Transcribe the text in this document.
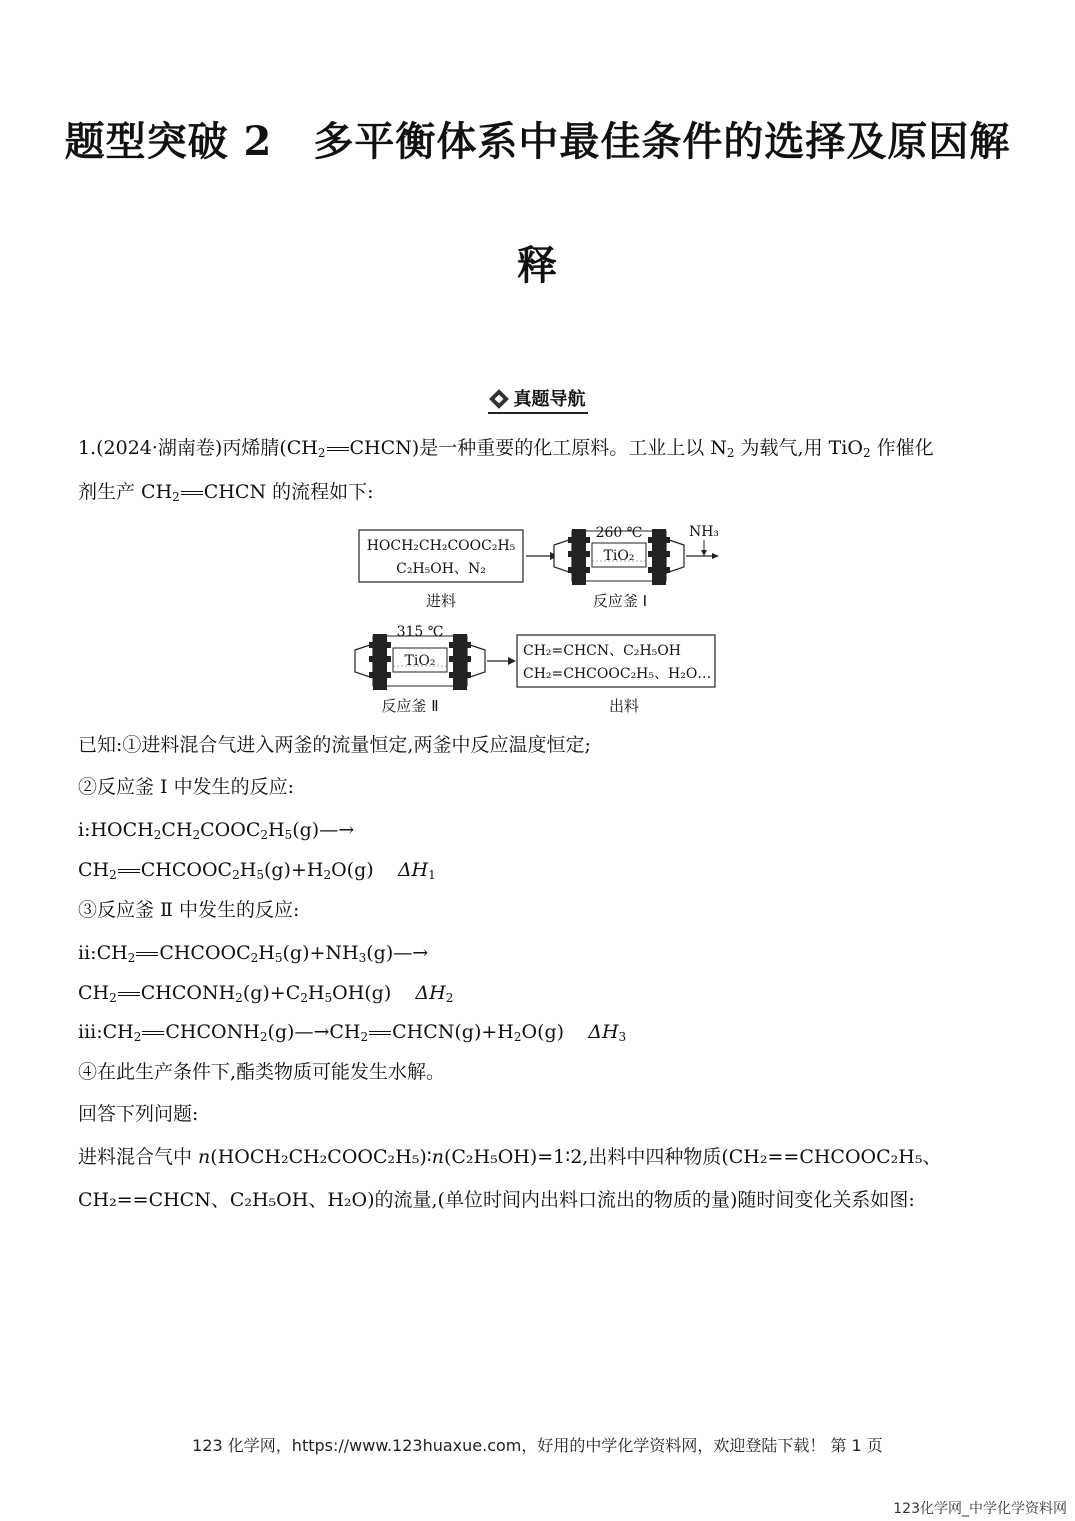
题型突破 2　多平衡体系中最佳条件的选择及原因解
释
真题导航
1.(2024·湖南卷)丙烯腈($CH_2$ CHCN)是一种重要的化工原料。工业上以 $N_2$ 为载气,用 TiO$_2$ 作催化
剂生产 $CH_2$ CHCN 的流程如下:
HOCH₂CH₂COOC₂H₅
C₂H₅OH、N₂
进料
260 ℃
TiO₂
反应釜 Ⅰ
NH₃
315 ℃
TiO₂
反应釜 Ⅱ
CH₂=CHCN、C₂H₅OH
CH₂=CHCOOC₂H₅、H₂O…
出料
已知:①进料混合气进入两釜的流量恒定,两釜中反应温度恒定;
②反应釜 Ⅰ 中发生的反应:
$ⅰ:HOCH_2CH_2COOC_2H_5(g)—\to$
$CH_2$ $CHCOOC_2H_5(g)+H_2O(g)$    $\Delta H_1$
③反应釜 Ⅱ 中发生的反应:
$ⅱ:CH_2$ $CHCOOC_2H_5(g)+NH_3(g)—\to$
$CH_2$ $CHCONH_2(g)+C_2H_5OH(g)$    $\Delta H_2$
$ⅲ:CH_2$ $CHCONH_2(g)—\to CH_2$ $CHCN(g)+H_2O(g)$    $\Delta H_3$
④在此生产条件下,酯类物质可能发生水解。
回答下列问题:
进料混合气中 n(HOCH₂CH₂COOC₂H₅)∶n(C₂H₅OH)=1∶2,出料中四种物质(CH₂==CHCOOC₂H₅、
CH₂==CHCN、C₂H₅OH、H₂O)的流量,(单位时间内出料口流出的物质的量)随时间变化关系如图:
123 化学网，https://www.123huaxue.com，好用的中学化学资料网，欢迎登陆下载！ 第 1 页
123化学网_中学化学资料网
